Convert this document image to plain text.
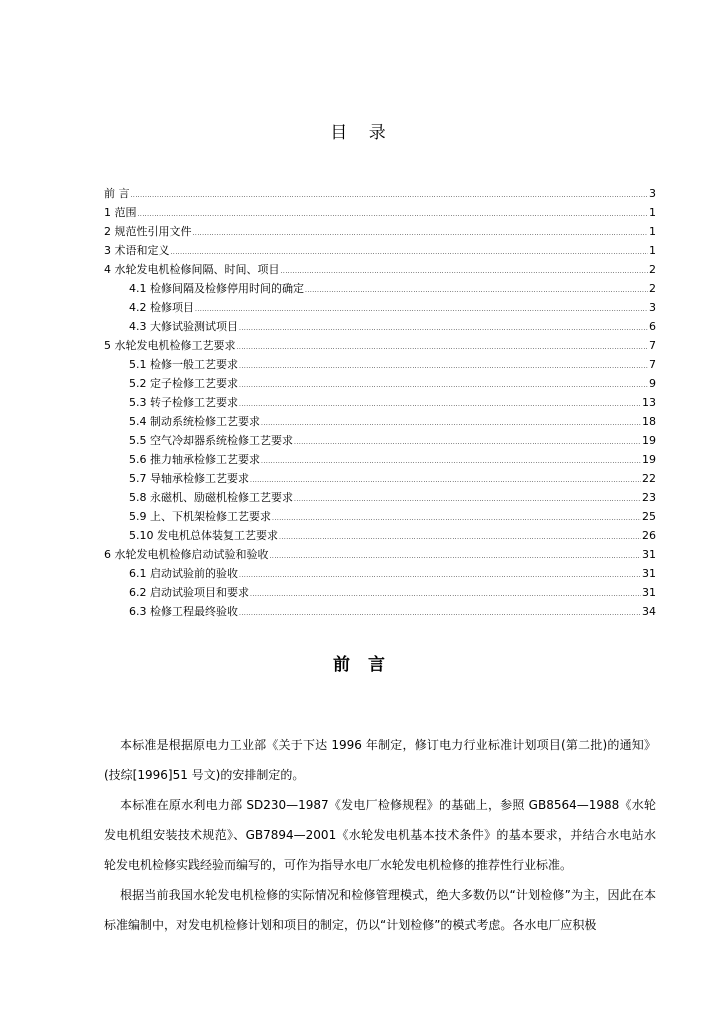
目 录
前 言 .....	3
1 范围 .....	1
2 规范性引用文件 .....	1
3 术语和定义 .....	1
4 水轮发电机检修间隔、时间、项目 .....	2
4.1 检修间隔及检修停用时间的确定 .....	2
4.2 检修项目 .....	3
4.3 大修试验测试项目 .....	6
5 水轮发电机检修工艺要求 .....	7
5.1 检修一般工艺要求 .....	7
5.2 定子检修工艺要求 .....	9
5.3 转子检修工艺要求 .....	13
5.4 制动系统检修工艺要求 .....	18
5.5 空气冷却器系统检修工艺要求 .....	19
5.6 推力轴承检修工艺要求 .....	19
5.7 导轴承检修工艺要求 .....	22
5.8 永磁机、励磁机检修工艺要求 .....	23
5.9 上、下机架检修工艺要求 .....	25
5.10 发电机总体装复工艺要求 .....	26
6 水轮发电机检修启动试验和验收 .....	31
6.1 启动试验前的验收 .....	31
6.2 启动试验项目和要求 .....	31
6.3 检修工程最终验收 .....	34
前 言

本标准是根据原电力工业部《关于下达 1996 年制定，修订电力行业标准计划项目(第二批)的通知》(技综[1996]51 号文)的安排制定的。

本标准在原水利电力部 SD230—1987《发电厂检修规程》的基础上，参照 GB8564—1988《水轮发电机组安装技术规范》、GB7894—2001《水轮发电机基本技术条件》的基本要求，并结合水电站水轮发电机检修实践经验而编写的，可作为指导水电厂水轮发电机检修的推荐性行业标准。

根据当前我国水轮发电机检修的实际情况和检修管理模式，绝大多数仍以“计划检修”为主，因此在本标准编制中，对发电机检修计划和项目的制定，仍以“计划检修”的模式考虑。各水电厂应积极
